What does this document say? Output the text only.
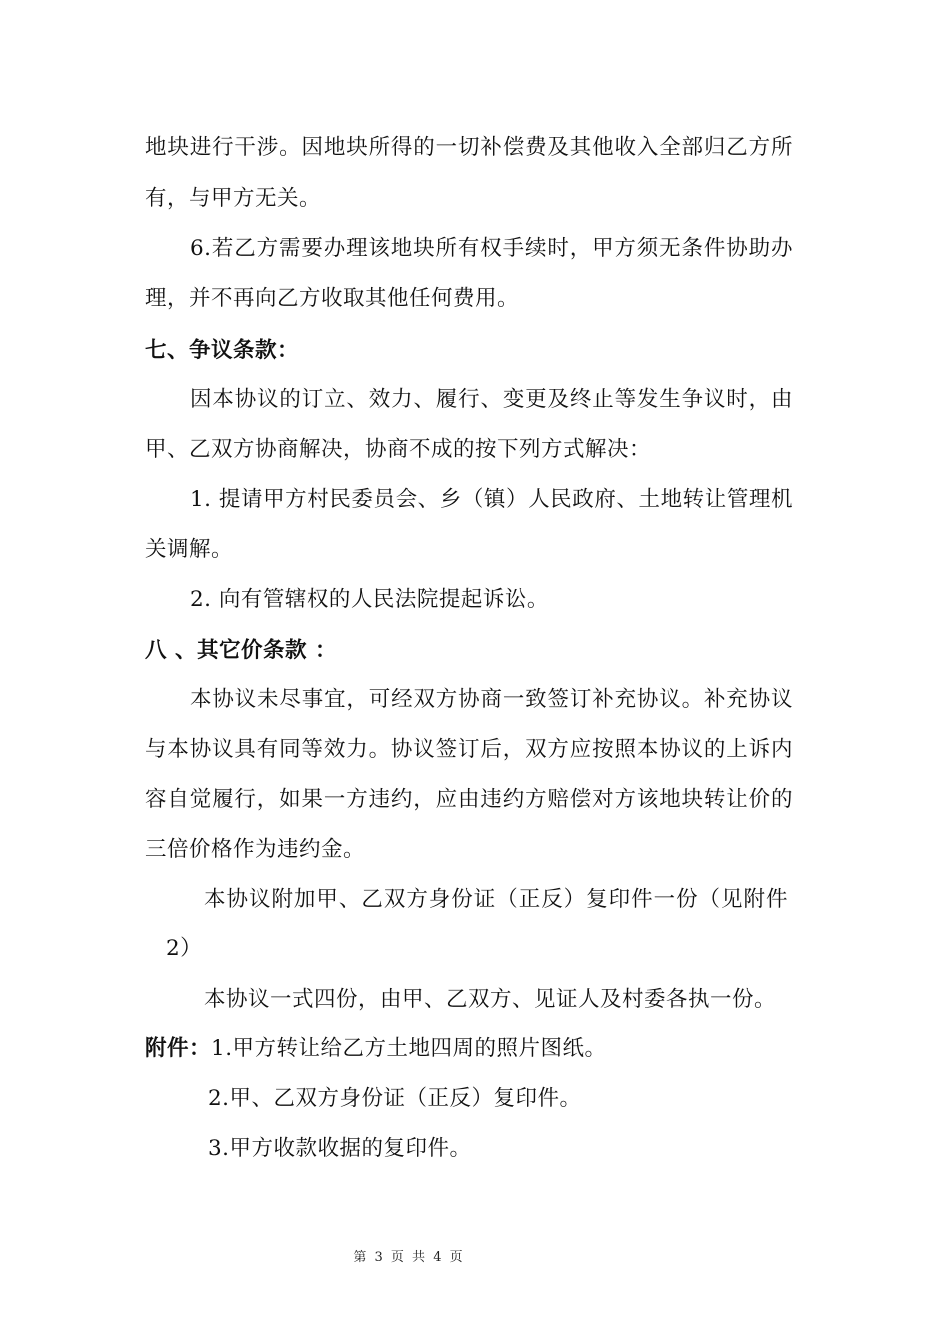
地块进行干涉。因地块所得的一切补偿费及其他收入全部归乙方所
有，与甲方无关。
6.若乙方需要办理该地块所有权手续时，甲方须无条件协助办
理，并不再向乙方收取其他任何费用。
七、争议条款：
因本协议的订立、效力、履行、变更及终止等发生争议时，由
甲、乙双方协商解决，协商不成的按下列方式解决：
1. 提请甲方村民委员会、乡（镇）人民政府、土地转让管理机
关调解。
2. 向有管辖权的人民法院提起诉讼。
八 、其它价条款 ：
本协议未尽事宜，可经双方协商一致签订补充协议。补充协议
与本协议具有同等效力。协议签订后，双方应按照本协议的上诉内
容自觉履行，如果一方违约，应由违约方赔偿对方该地块转让价的
三倍价格作为违约金。
本协议附加甲、乙双方身份证（正反）复印件一份（见附件
2）
本协议一式四份，由甲、乙双方、见证人及村委各执一份。
附件：1.甲方转让给乙方土地四周的照片图纸。
2.甲、乙双方身份证（正反）复印件。
3.甲方收款收据的复印件。
第 3 页 共 4 页
